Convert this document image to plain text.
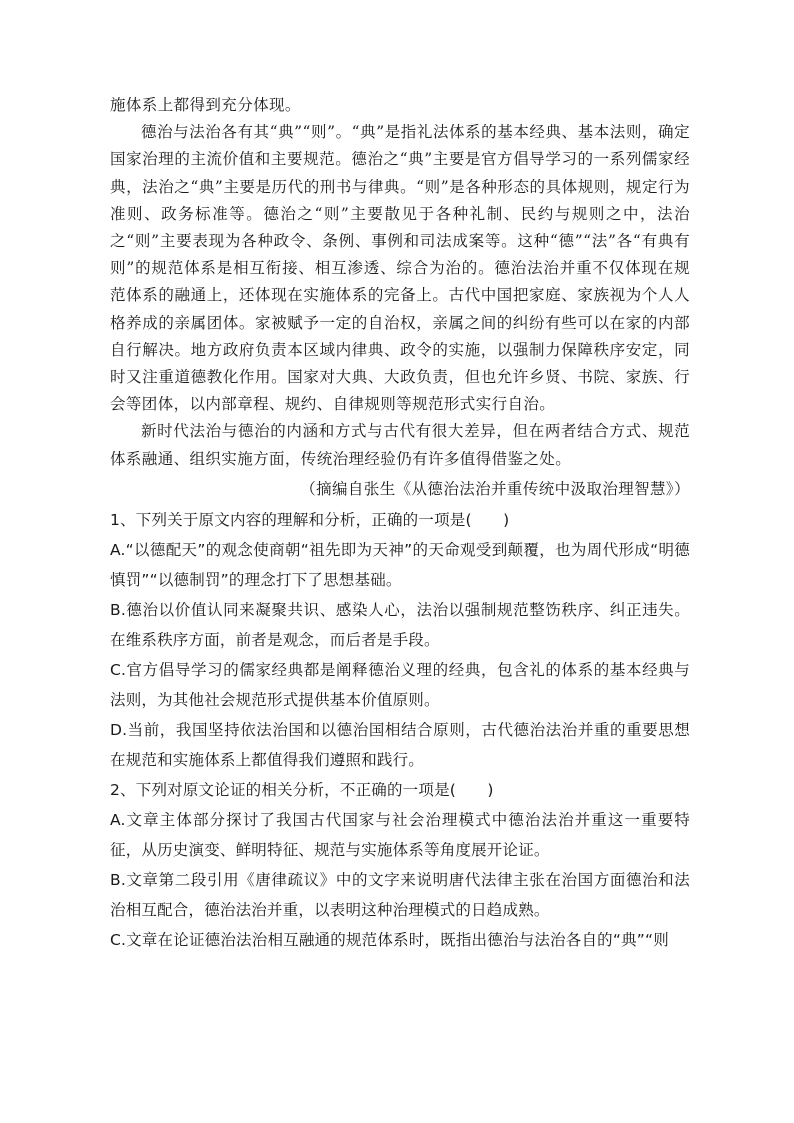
施体系上都得到充分体现。

德治与法治各有其“典”“则”。“典”是指礼法体系的基本经典、基本法则，确定国家治理的主流价值和主要规范。德治之“典”主要是官方倡导学习的一系列儒家经典，法治之“典”主要是历代的刑书与律典。“则”是各种形态的具体规则，规定行为准则、政务标准等。德治之“则”主要散见于各种礼制、民约与规则之中，法治之“则”主要表现为各种政令、条例、事例和司法成案等。这种“德”“法”各“有典有则”的规范体系是相互衔接、相互渗透、综合为治的。德治法治并重不仅体现在规范体系的融通上，还体现在实施体系的完备上。古代中国把家庭、家族视为个人人格养成的亲属团体。家被赋予一定的自治权，亲属之间的纠纷有些可以在家的内部自行解决。地方政府负责本区域内律典、政令的实施，以强制力保障秩序安定，同时又注重道德教化作用。国家对大典、大政负责，但也允许乡贤、书院、家族、行会等团体，以内部章程、规约、自律规则等规范形式实行自治。

新时代法治与德治的内涵和方式与古代有很大差异，但在两者结合方式、规范体系融通、组织实施方面，传统治理经验仍有许多值得借鉴之处。

（摘编自张生《从德治法治并重传统中汲取治理智慧》）

1、下列关于原文内容的理解和分析，正确的一项是(　　)

A.“以德配天”的观念使商朝“祖先即为天神”的天命观受到颠覆，也为周代形成“明德慎罚”“以德制罚”的理念打下了思想基础。

B.德治以价值认同来凝聚共识、感染人心，法治以强制规范整饬秩序、纠正违失。在维系秩序方面，前者是观念，而后者是手段。

C.官方倡导学习的儒家经典都是阐释德治义理的经典，包含礼的体系的基本经典与法则，为其他社会规范形式提供基本价值原则。

D.当前，我国坚持依法治国和以德治国相结合原则，古代德治法治并重的重要思想在规范和实施体系上都值得我们遵照和践行。

2、下列对原文论证的相关分析，不正确的一项是(　　)

A.文章主体部分探讨了我国古代国家与社会治理模式中德治法治并重这一重要特征，从历史演变、鲜明特征、规范与实施体系等角度展开论证。

B.文章第二段引用《唐律疏议》中的文字来说明唐代法律主张在治国方面德治和法治相互配合，德治法治并重，以表明这种治理模式的日趋成熟。

C.文章在论证德治法治相互融通的规范体系时，既指出德治与法治各自的“典”“则
